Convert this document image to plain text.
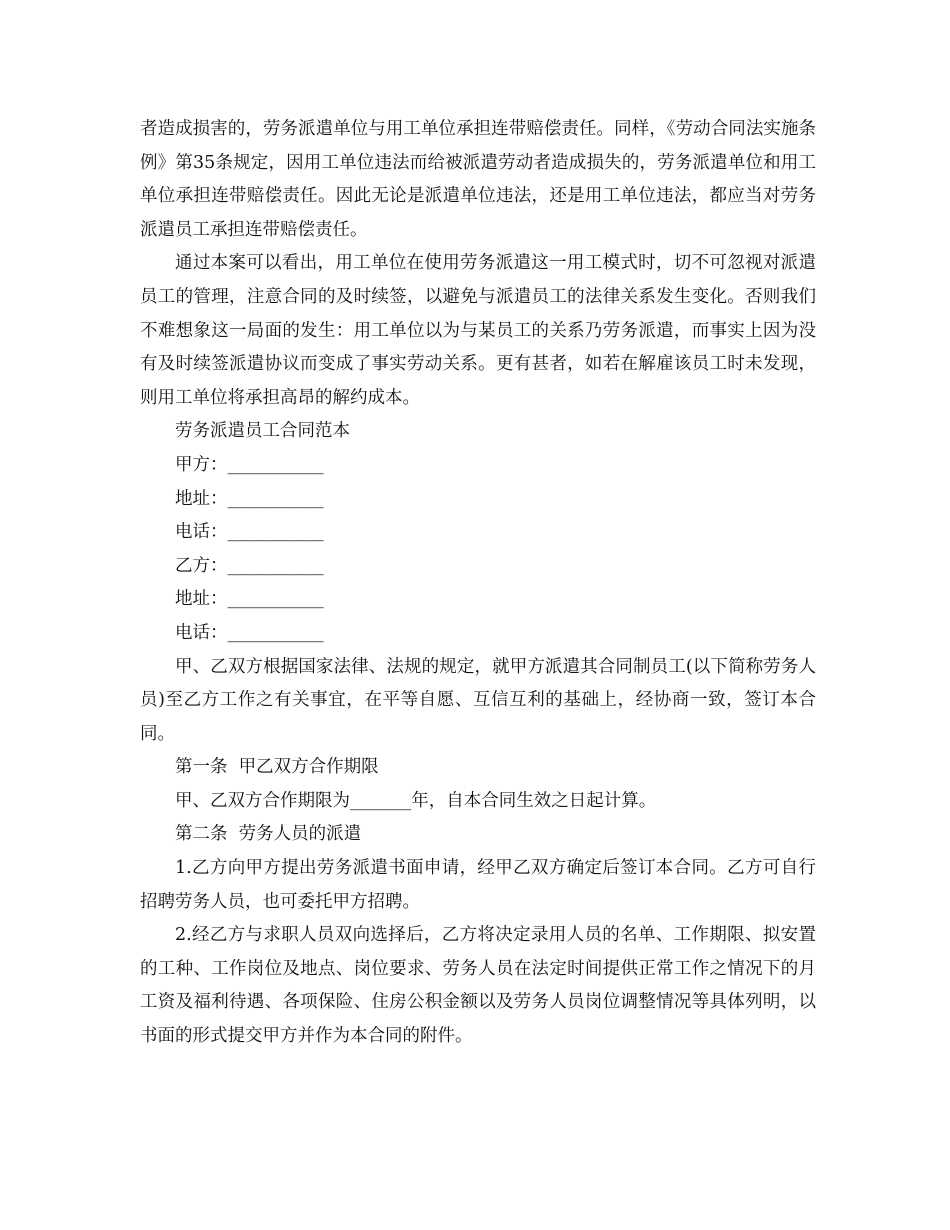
者造成损害的，劳务派遣单位与用工单位承担连带赔偿责任。同样，《劳动合同法实施条例》第35条规定，因用工单位违法而给被派遣劳动者造成损失的，劳务派遣单位和用工单位承担连带赔偿责任。因此无论是派遣单位违法，还是用工单位违法，都应当对劳务派遣员工承担连带赔偿责任。

通过本案可以看出，用工单位在使用劳务派遣这一用工模式时，切不可忽视对派遣员工的管理，注意合同的及时续签，以避免与派遣员工的法律关系发生变化。否则我们不难想象这一局面的发生：用工单位以为与某员工的关系乃劳务派遣，而事实上因为没有及时续签派遣协议而变成了事实劳动关系。更有甚者，如若在解雇该员工时未发现，则用工单位将承担高昂的解约成本。

劳务派遣员工合同范本

甲方：___________

地址：___________

电话：___________

乙方：___________

地址：___________

电话：___________

甲、乙双方根据国家法律、法规的规定，就甲方派遣其合同制员工(以下简称劳务人员)至乙方工作之有关事宜，在平等自愿、互信互利的基础上，经协商一致，签订本合同。

第一条  甲乙双方合作期限

甲、乙双方合作期限为_______年，自本合同生效之日起计算。

第二条  劳务人员的派遣

1.乙方向甲方提出劳务派遣书面申请，经甲乙双方确定后签订本合同。乙方可自行招聘劳务人员，也可委托甲方招聘。

2.经乙方与求职人员双向选择后，乙方将决定录用人员的名单、工作期限、拟安置的工种、工作岗位及地点、岗位要求、劳务人员在法定时间提供正常工作之情况下的月工资及福利待遇、各项保险、住房公积金额以及劳务人员岗位调整情况等具体列明，以书面的形式提交甲方并作为本合同的附件。
